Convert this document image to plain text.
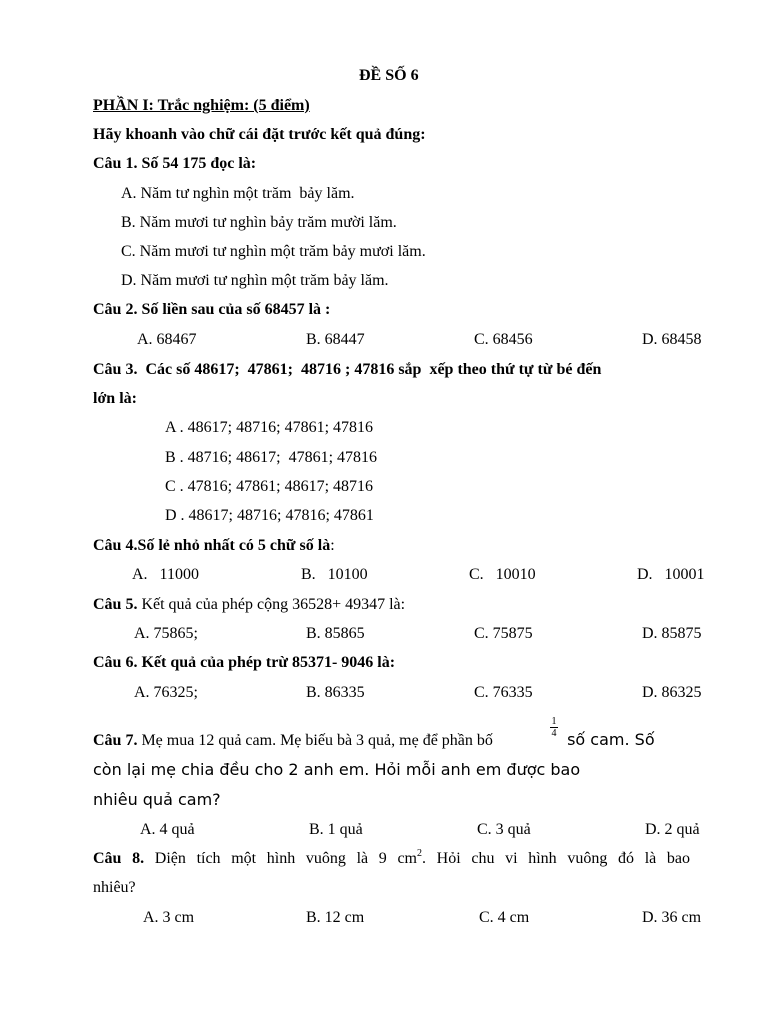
ĐỀ SỐ 6
PHẦN I: Trắc nghiệm: (5 điểm)
Hãy khoanh vào chữ cái đặt trước kết quả đúng:
Câu 1. Số 54 175 đọc là:
A. Năm tư nghìn một trăm  bảy lăm.
B. Năm mươi tư nghìn bảy trăm mười lăm.
C. Năm mươi tư nghìn một trăm bảy mươi lăm.
D. Năm mươi tư nghìn một trăm bảy lăm.
Câu 2. Số liền sau của số 68457 là :
A. 68467	B. 68447	C. 68456	D. 68458
Câu 3.  Các số 48617;  47861;  48716 ; 47816 sắp  xếp theo thứ tự từ bé đến
lớn là:
A . 48617; 48716; 47861; 47816
B . 48716; 48617;  47861; 47816
C . 47816; 47861; 48617; 48716
D . 48617; 48716; 47816; 47861
Câu 4.Số lẻ nhỏ nhất có 5 chữ số là:
A.   11000	B.   10100	C.   10010	D.   10001
Câu 5. Kết quả của phép cộng 36528+ 49347 là:
A. 75865;	B. 85865	C. 75875	D. 85875
Câu 6. Kết quả của phép trừ 85371- 9046 là:
A. 76325;	B. 86335	C. 76335	D. 86325
Câu 7. Mẹ mua 12 quả cam. Mẹ biếu bà 3 quả, mẹ để phần bố
1
4 số cam. Số
còn lại mẹ chia đều cho 2 anh em. Hỏi mỗi anh em được bao
nhiêu quả cam?
A. 4 quả	B. 1 quả	C. 3 quả	D. 2 quả
Câu 8. Diện tích một hình vuông là 9 $cm^2$. Hỏi chu vi hình vuông đó là bao
nhiêu?
A. 3 cm	B. 12 cm	C. 4 cm	D. 36 cm
